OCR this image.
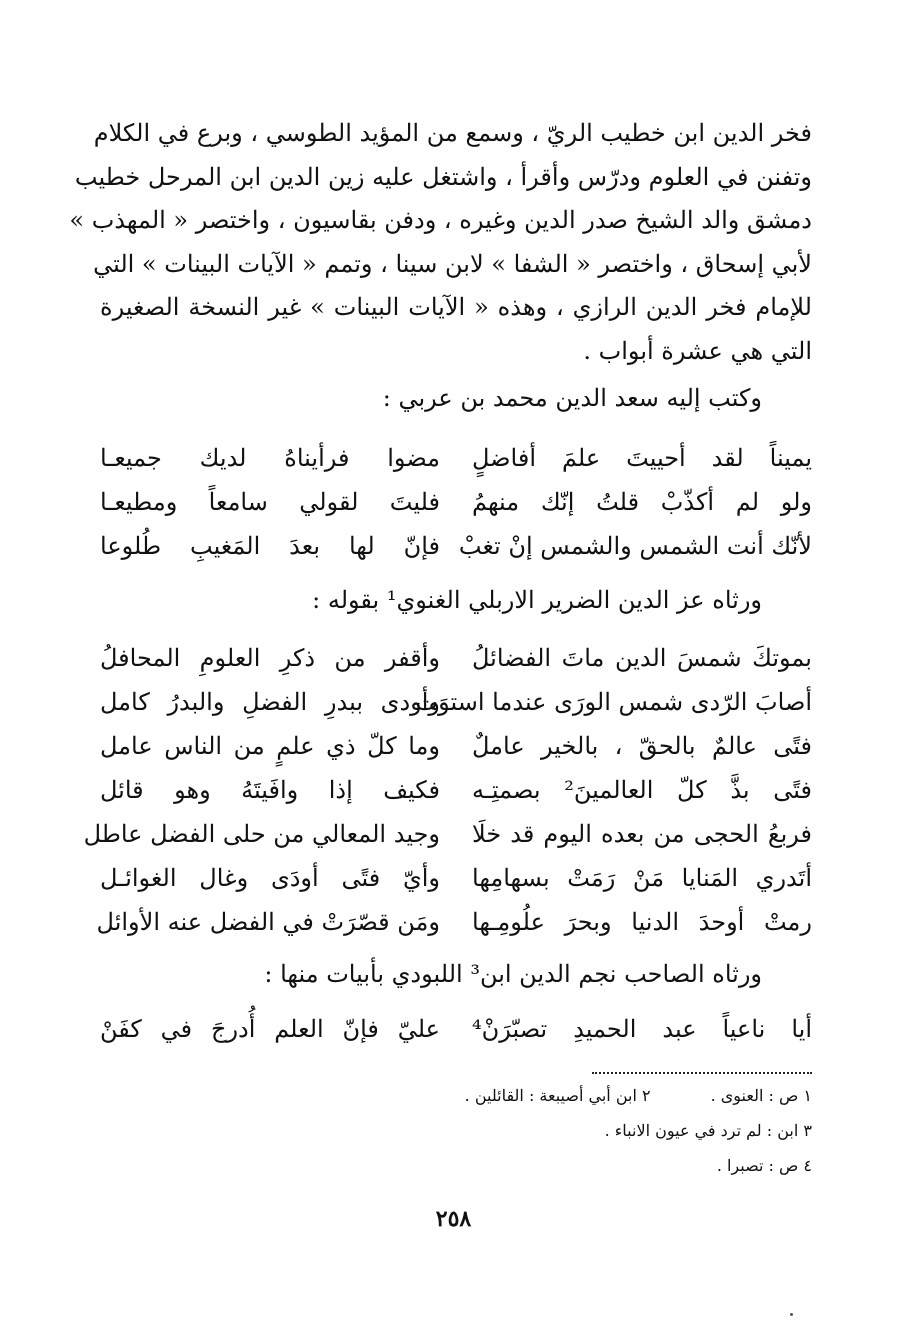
فخر الدين ابن خطيب الريّ ، وسمع من المؤيد الطوسي ، وبرع في الكلام
وتفنن في العلوم ودرّس وأقرأ ، واشتغل عليه زين الدين ابن المرحل خطيب
دمشق والد الشيخ صدر الدين وغيره ، ودفن بقاسيون ، واختصر « المهذب »
لأبي إسحاق ، واختصر « الشفا » لابن سينا ، وتمم « الآيات البينات » التي
للإمام فخر الدين الرازي ، وهذه « الآيات البينات » غير النسخة الصغيرة
التي هي عشرة أبواب .
وكتب إليه سعد الدين محمد بن عربي :
يميناً لقد أحييتَ علمَ أفاضلٍ
مضوا فرأيناهُ لديك جميعـا
ولو لم أكذّبْ قلتُ إنّك منهمُ
فليتَ لقولي سامعاً ومطيعـا
لأنّك أنت الشمس والشمس إنْ تغبْ
فإنّ لها بعدَ المَغيبِ طُلوعا
ورثاه عز الدين الضرير الاربلي الغنوي¹ بقوله :
بموتكَ شمسَ الدين ماتَ الفضائلُ
وأقفر من ذكرِ العلومِ المحافلُ
أصابَ الرّدى شمس الورَى عندما استوَت
وأودى ببدرِ الفضلِ والبدرُ كامل
فتًى عالمٌ بالحقّ ، بالخير عاملٌ
وما كلّ ذي علمٍ من الناس عامل
فتًى بذَّ كلّ العالمينَ² بصمتِـه
فكيف إذا وافَيتَهُ وهو قائل
فربعُ الحجى من بعده اليوم قد خلَا
وجيد المعالي من حلى الفضل عاطل
أتَدري المَنايا مَنْ رَمَتْ بسهامِها
وأيّ فتًى أودَى وغال الغوائـل
رمتْ أوحدَ الدنيا وبحرَ علُومِـها
ومَن قصّرَتْ في الفضل عنه الأوائل
ورثاه الصاحب نجم الدين ابن³ اللبودي بأبيات منها :
أيا ناعياً عبد الحميدِ تصبّرَنْ⁴
عليّ فإنّ العلم أُدرجَ في كفَنْ
١ ص : العنوى .٢ ابن أبي أصيبعة : القائلين .
٣ ابن : لم ترد في عيون الانباء .
٤ ص : تصبرا .
٢٥٨
